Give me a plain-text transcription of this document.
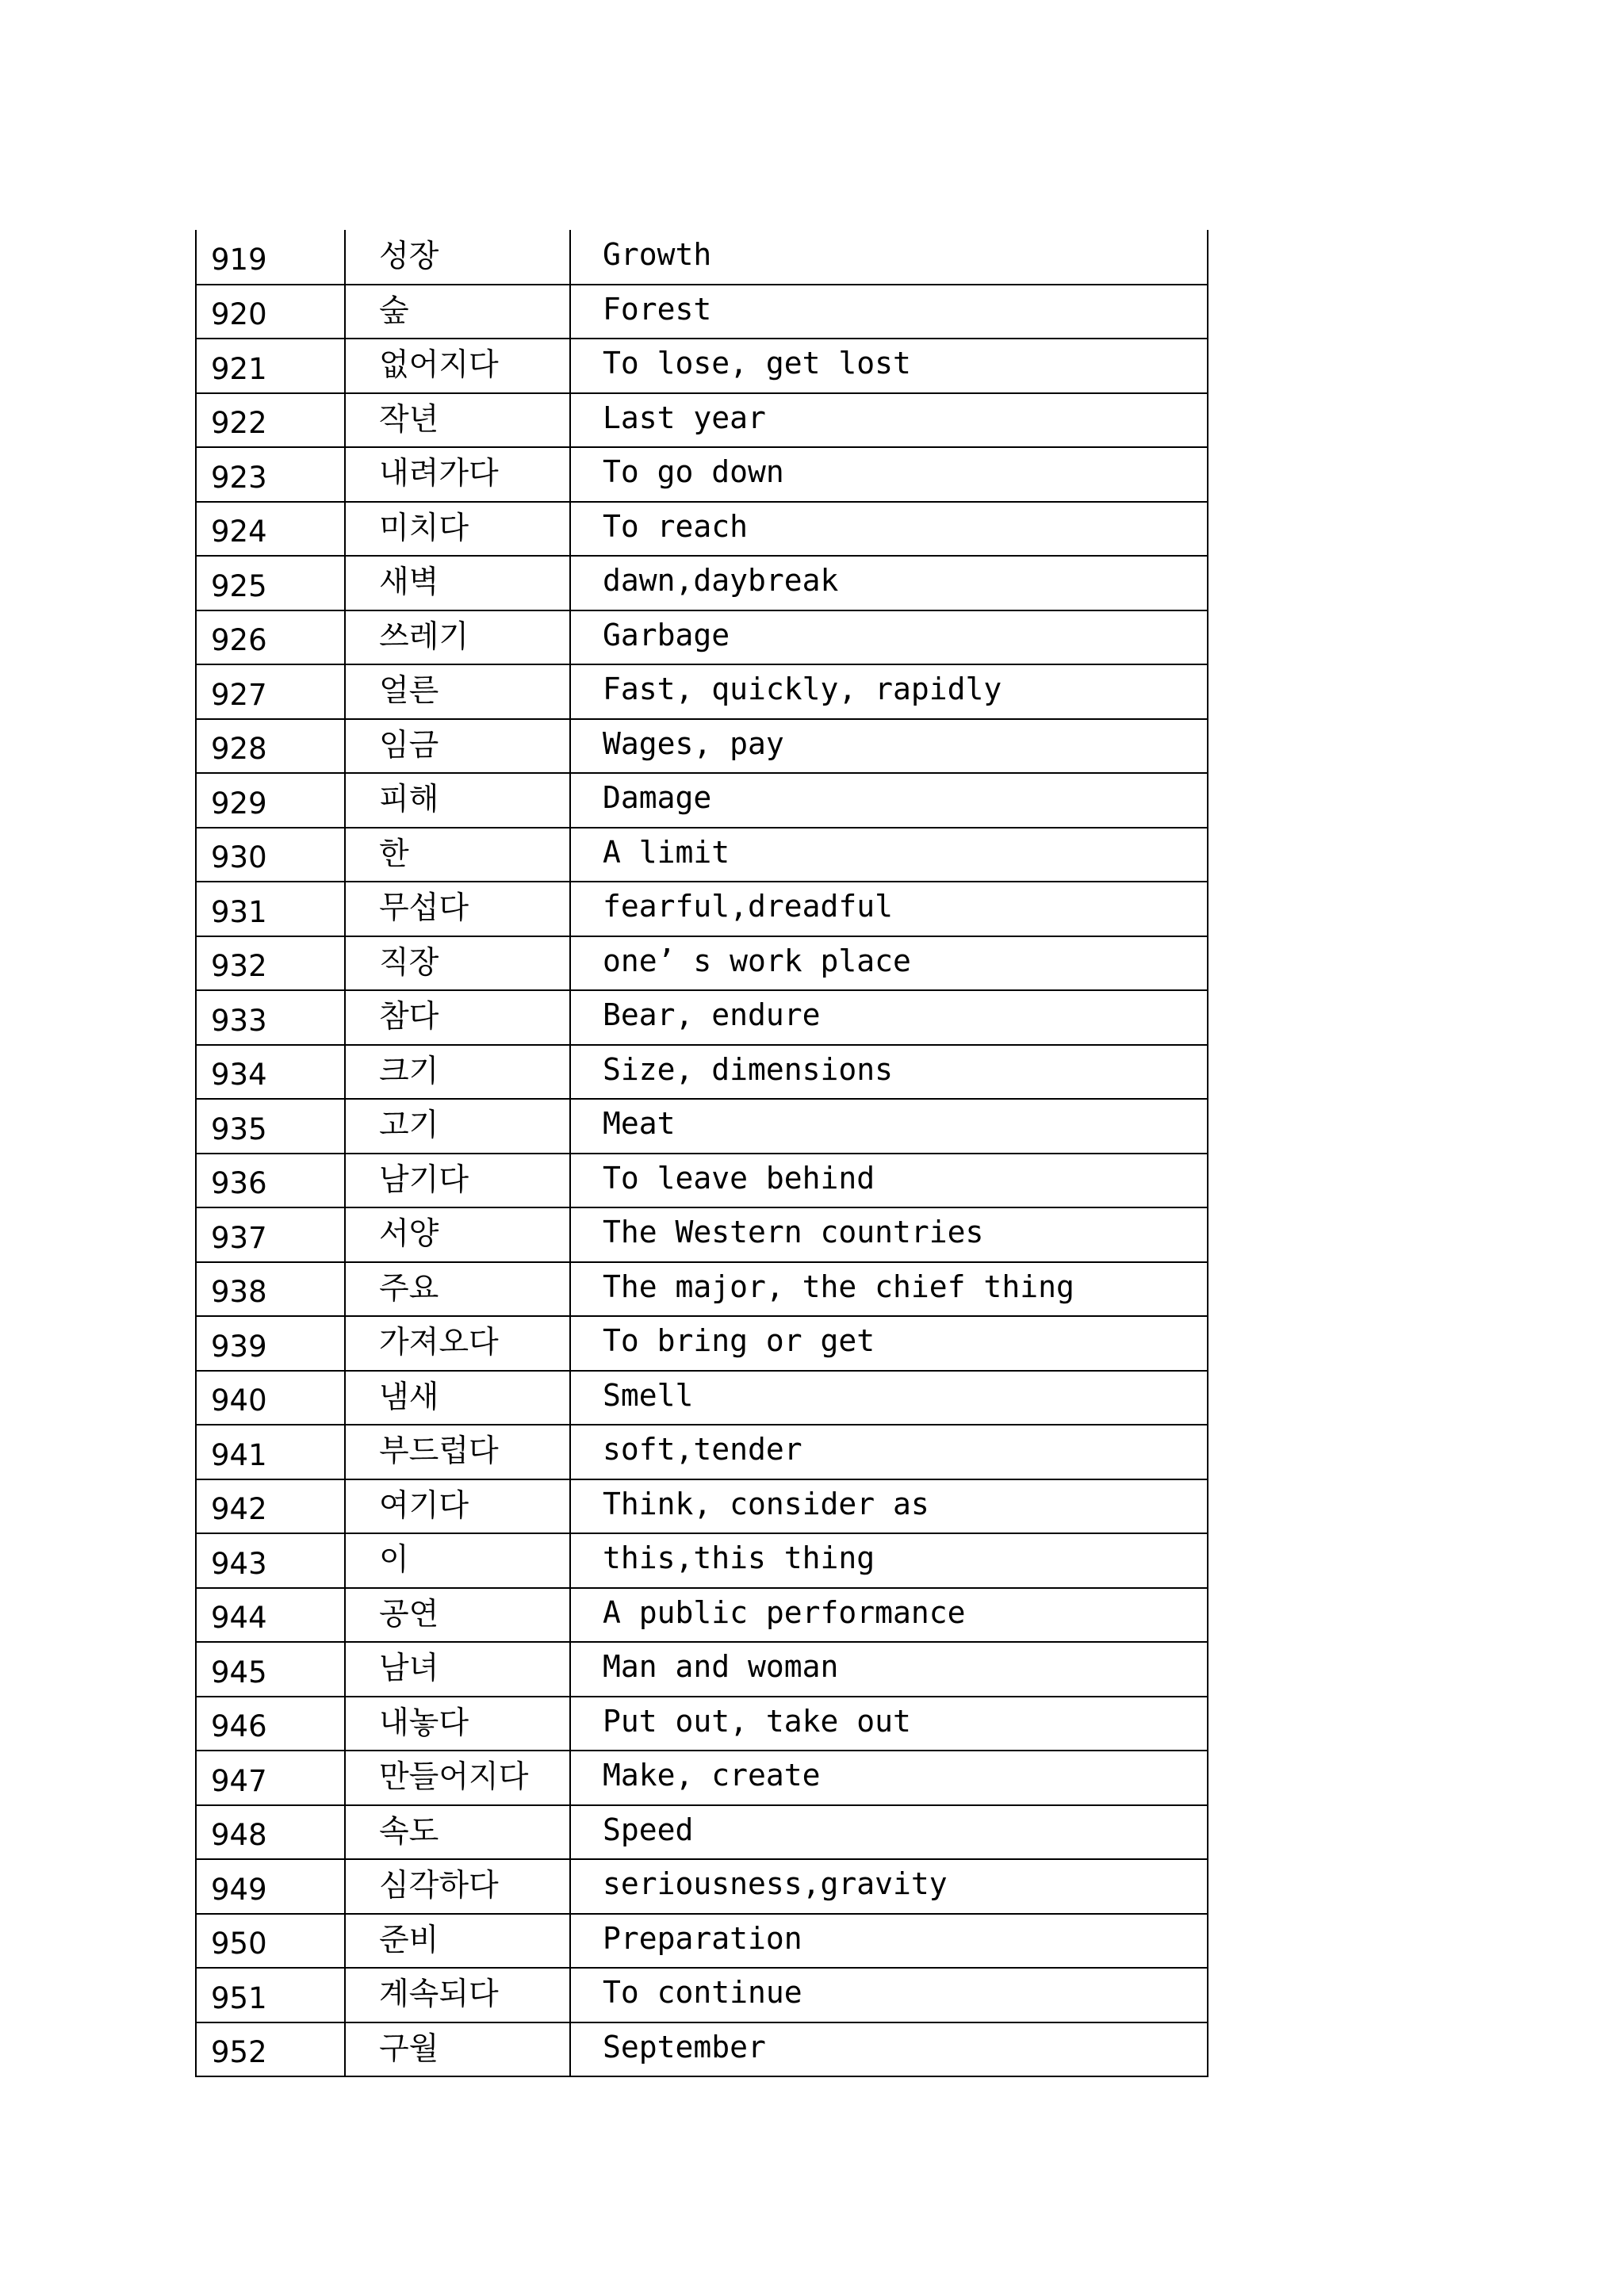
919	성장	Growth
920	숲	Forest
921	없어지다	To lose, get lost
922	작년	Last year
923	내려가다	To go down
924	미치다	To reach
925	새벽	dawn,daybreak
926	쓰레기	Garbage
927	얼른	Fast, quickly, rapidly
928	임금	Wages, pay
929	피해	Damage
930	한	A limit
931	무섭다	fearful,dreadful
932	직장	one’ s work place
933	참다	Bear, endure
934	크기	Size, dimensions
935	고기	Meat
936	남기다	To leave behind
937	서양	The Western countries
938	주요	The major, the chief thing
939	가져오다	To bring or get
940	냄새	Smell
941	부드럽다	soft,tender
942	여기다	Think, consider as
943	이	this,this thing
944	공연	A public performance
945	남녀	Man and woman
946	내놓다	Put out, take out
947	만들어지다	Make, create
948	속도	Speed
949	심각하다	seriousness,gravity
950	준비	Preparation
951	계속되다	To continue
952	구월	September
